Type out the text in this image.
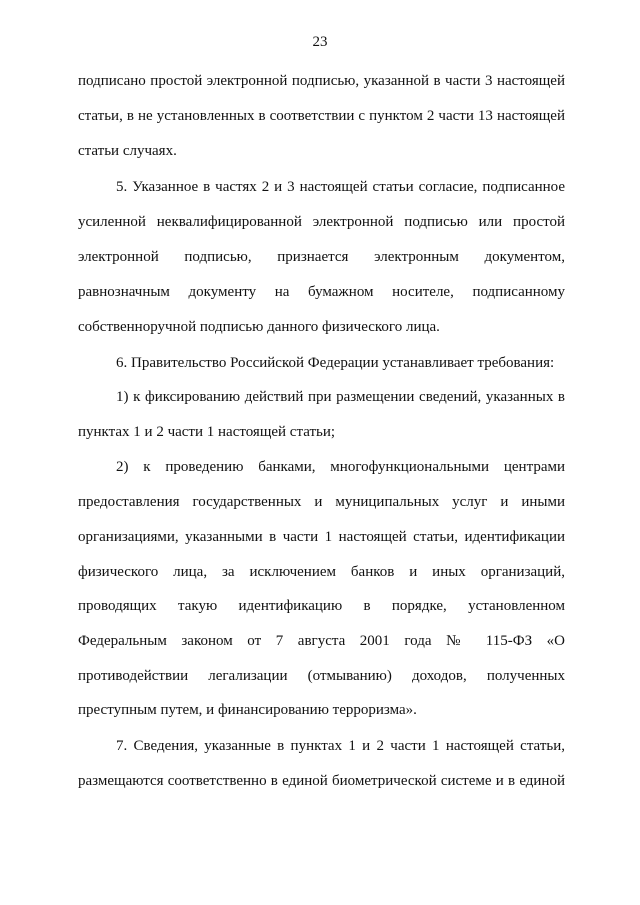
23
подписано простой электронной подписью, указанной в части 3 настоящей
статьи, в не установленных в соответствии с пунктом 2 части 13 настоящей
статьи случаях.
5. Указанное в частях 2 и 3 настоящей статьи согласие, подписанное
усиленной неквалифицированной электронной подписью или простой
электронной подписью, признается электронным документом,
равнозначным документу на бумажном носителе, подписанному
собственноручной подписью данного физического лица.
6. Правительство Российской Федерации устанавливает требования:
1) к фиксированию действий при размещении сведений, указанных в
пунктах 1 и 2 части 1 настоящей статьи;
2) к проведению банками, многофункциональными центрами
предоставления государственных и муниципальных услуг и иными
организациями, указанными в части 1 настоящей статьи, идентификации
физического лица, за исключением банков и иных организаций,
проводящих такую идентификацию в порядке, установленном
Федеральным законом от 7 августа 2001 года № 115-ФЗ «О
противодействии легализации (отмыванию) доходов, полученных
преступным путем, и финансированию терроризма».
7. Сведения, указанные в пунктах 1 и 2 части 1 настоящей статьи,
размещаются соответственно в единой биометрической системе и в единой
